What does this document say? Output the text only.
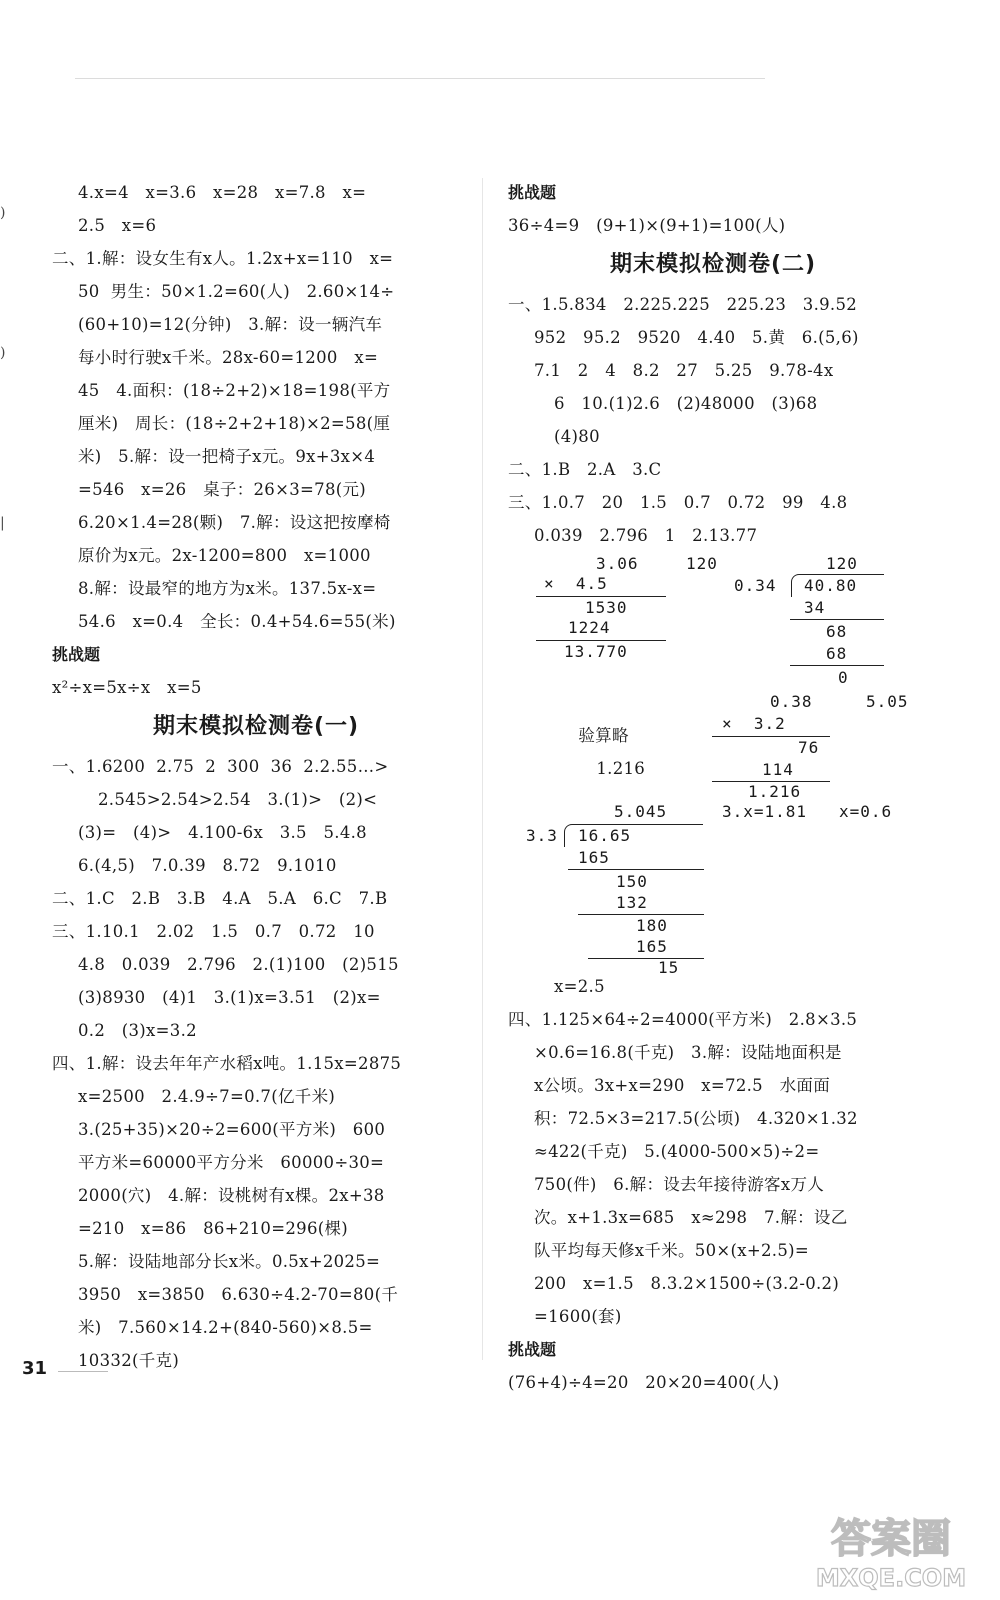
)
)
|
4.x=4   x=3.6   x=28   x=7.8   x=
2.5   x=6
二、1.解：设女生有x人。1.2x+x=110   x=
50  男生：50×1.2=60(人)   2.60×14÷
(60+10)=12(分钟)   3.解：设一辆汽车
每小时行驶x千米。28x-60=1200   x=
45   4.面积：(18÷2+2)×18=198(平方
厘米)   周长：(18÷2+2+18)×2=58(厘
米)   5.解：设一把椅子x元。9x+3x×4
=546   x=26   桌子：26×3=78(元)
6.20×1.4=28(颗)   7.解：设这把按摩椅
原价为x元。2x-1200=800   x=1000
8.解：设最窄的地方为x米。137.5x-x=
54.6   x=0.4   全长：0.4+54.6=55(米)
挑战题
x²÷x=5x÷x   x=5
期末模拟检测卷(一)
一、1.6200  2.75  2  300  36  2.2.55…>
2.545>2.54̇>2.54   3.(1)>   (2)<
(3)=   (4)>   4.100-6x   3.5   5.4.8
6.(4,5)   7.0.39   8.72   9.1010
二、1.C   2.B   3.B   4.A   5.A   6.C   7.B
三、1.10.1   2.02   1.5   0.7   0.72   10
4.8   0.039   2.796   2.(1)100   (2)515
(3)8930   (4)1   3.(1)x=3.51   (2)x=
0.2   (3)x=3.2
四、1.解：设去年年产水稻x吨。1.15x=2875
x=2500   2.4.9÷7=0.7(亿千米)
3.(25+35)×20÷2=600(平方米)   600
平方米=60000平方分米   60000÷30=
2000(穴)   4.解：设桃树有x棵。2x+38
=210   x=86   86+210=296(棵)
5.解：设陆地部分长x米。0.5x+2025=
3950   x=3850   6.630÷4.2-70=80(千
米)   7.560×14.2+(840-560)×8.5=
10332(千克)
挑战题
36÷4=9   (9+1)×(9+1)=100(人)
期末模拟检测卷(二)
一、1.5.834   2.225.22̇5̇   225.23   3.9.52
952   95.2   9520   4.40   5.黄   6.(5,6)
7.1   2   4   8.2   27   5.25   9.78-4x
6   10.(1)2.6   (2)48000   (3)68
(4)80
二、1.B   2.A   3.C
三、1.0.7   20   1.5   0.7   0.72   99   4.8
0.039   2.796   1   2.13.77
3.06
×  4.5
1530
1224
13.770
120	120
0.34 40.80
34
68
68
0

验算略
1.216

0.38	5.05
×  3.2
76
114
1.216
5.045	3.x=1.81   x=0.6
3.3 16.65
165
150
132
180
165
15
x=2.5
四、1.125×64÷2=4000(平方米)   2.8×3.5
×0.6=16.8(千克)   3.解：设陆地面积是
x公顷。3x+x=290   x=72.5   水面面
积：72.5×3=217.5(公顷)   4.320×1.32
≈422(千克)   5.(4000-500×5)÷2=
750(件)   6.解：设去年接待游客x万人
次。x+1.3x=685   x≈298   7.解：设乙
队平均每天修x千米。50×(x+2.5)=
200   x=1.5   8.3.2×1500÷(3.2-0.2)
=1600(套)
挑战题
(76+4)÷4=20   20×20=400(人)
31
答案圈
MXQE.COM
